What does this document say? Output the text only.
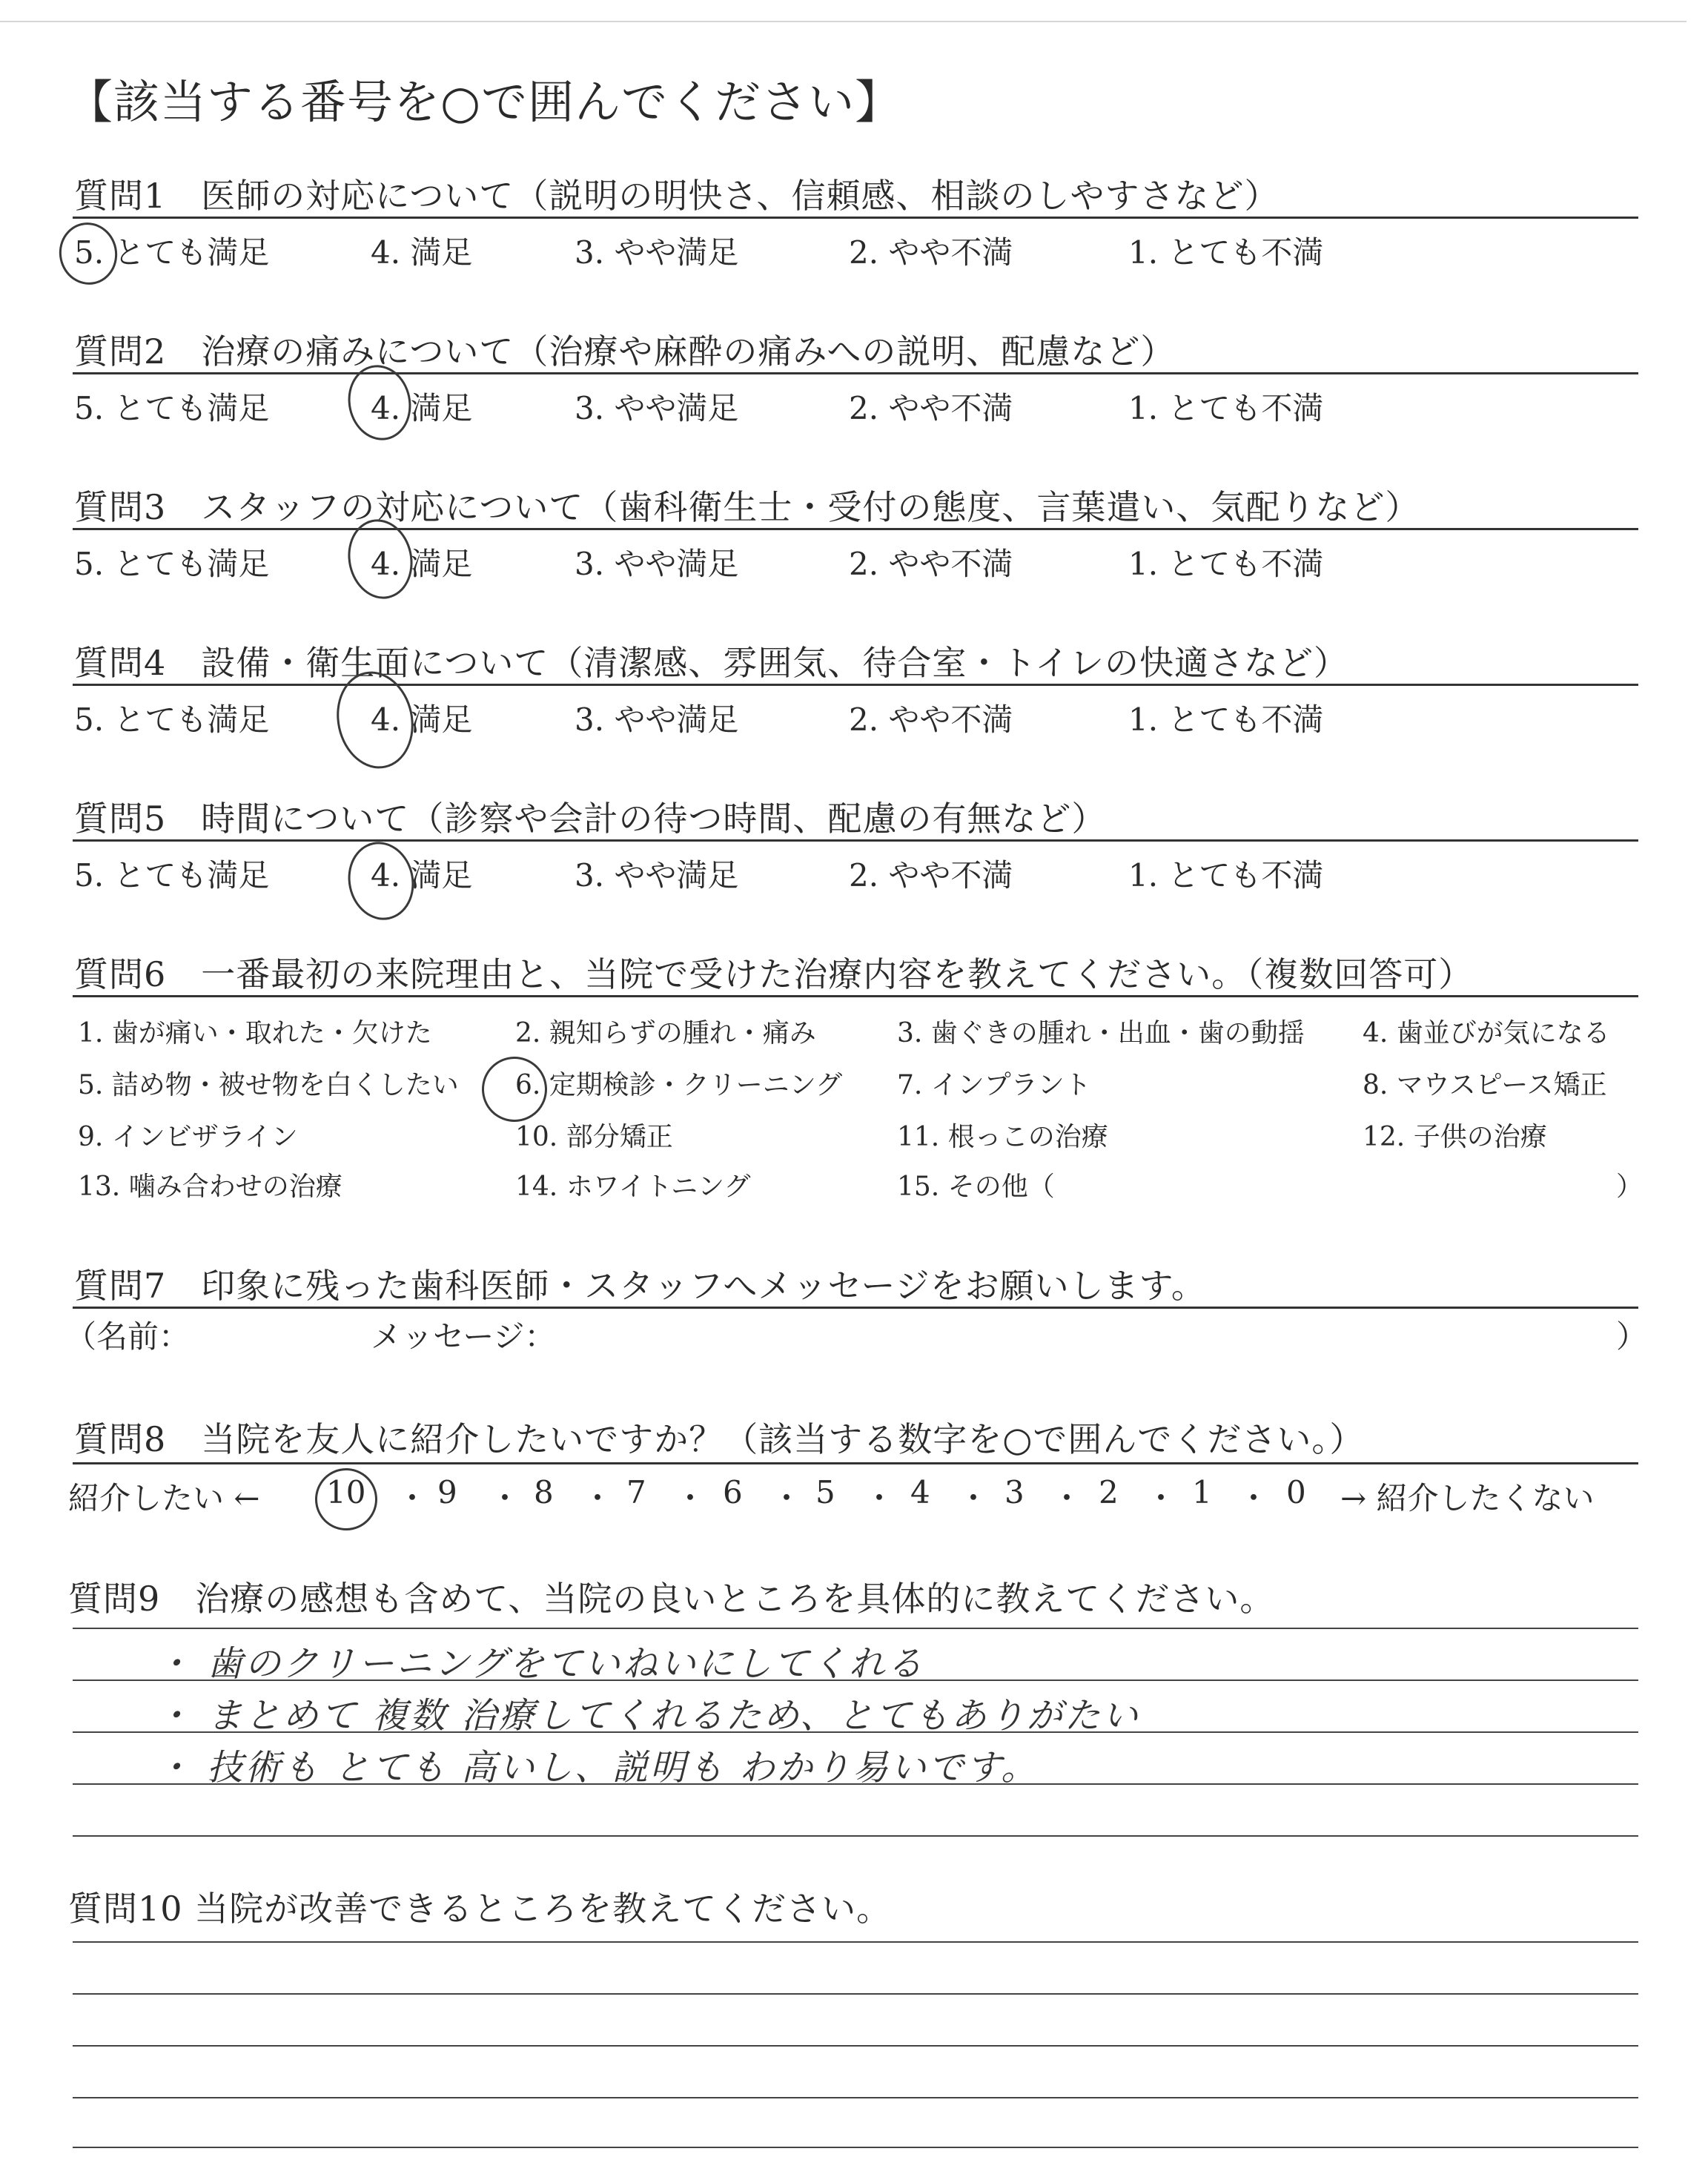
【該当する番号を○で囲んでください】
質問1　医師の対応について（説明の明快さ、信頼感、相談のしやすさなど）
5. とても満足	4. 満足	3. やや満足	2. やや不満	1. とても不満
質問2　治療の痛みについて（治療や麻酔の痛みへの説明、配慮など）
5. とても満足	4. 満足	3. やや満足	2. やや不満	1. とても不満
質問3　スタッフの対応について（歯科衛生士・受付の態度、言葉遣い、気配りなど）
5. とても満足	4. 満足	3. やや満足	2. やや不満	1. とても不満
質問4　設備・衛生面について（清潔感、雰囲気、待合室・トイレの快適さなど）
5. とても満足	4. 満足	3. やや満足	2. やや不満	1. とても不満
質問5　時間について（診察や会計の待つ時間、配慮の有無など）
5. とても満足	4. 満足	3. やや満足	2. やや不満	1. とても不満
質問6　一番最初の来院理由と、当院で受けた治療内容を教えてください。（複数回答可）
1. 歯が痛い・取れた・欠けた	2. 親知らずの腫れ・痛み	3. 歯ぐきの腫れ・出血・歯の動揺 4. 歯並びが気になる
5. 詰め物・被せ物を白くしたい 6. 定期検診・クリーニング 7. インプラント	8. マウスピース矯正
9. インビザライン	10. 部分矯正	11. 根っこの治療	12. 子供の治療
13. 噛み合わせの治療	14. ホワイトニング	15. その他（	）
質問7　印象に残った歯科医師・スタッフへメッセージをお願いします。
（名前：	メッセージ：	）
質問8　当院を友人に紹介したいですか？（該当する数字を○で囲んでください。）
紹介したい ← 10 ・ 9 ・ 8 ・ 7 ・ 6 ・ 5 ・ 4 ・ 3 ・ 2 ・ 1 ・ 0 → 紹介したくない
質問9　治療の感想も含めて、当院の良いところを具体的に教えてください。
・ 歯のクリーニングをていねいにしてくれる
・ まとめて 複数 治療してくれるため、とてもありがたい
・ 技術も とても 高いし、説明も わかり易いです。
質問10 当院が改善できるところを教えてください。
